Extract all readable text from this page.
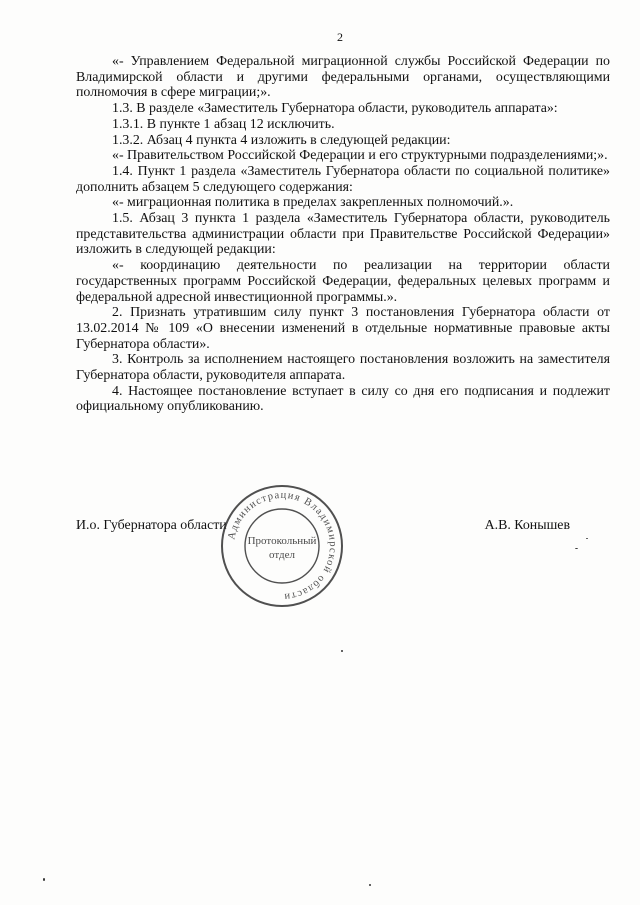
2

«- Управлением Федеральной миграционной службы Российской Федерации по Владимирской области и другими федеральными органами, осуществляющими полномочия в сфере миграции;».

1.3. В разделе «Заместитель Губернатора области, руководитель аппарата»:

1.3.1. В пункте 1 абзац 12 исключить.

1.3.2. Абзац 4 пункта 4 изложить в следующей редакции:

«- Правительством Российской Федерации и его структурными подразделениями;».

1.4. Пункт 1 раздела «Заместитель Губернатора области по социальной политике» дополнить абзацем 5 следующего содержания:

«- миграционная политика в пределах закрепленных полномочий.».

1.5. Абзац 3 пункта 1 раздела «Заместитель Губернатора области, руководитель представительства администрации области при Правительстве Российской Федерации» изложить в следующей редакции:

«- координацию деятельности по реализации на территории области государственных программ Российской Федерации, федеральных целевых программ и федеральной адресной инвестиционной программы.».

2. Признать утратившим силу пункт 3 постановления Губернатора области от 13.02.2014 № 109 «О внесении изменений в отдельные нормативные правовые акты Губернатора области».

3. Контроль за исполнением настоящего постановления возложить на заместителя Губернатора области, руководителя аппарата.

4. Настоящее постановление вступает в силу со дня его подписания и подлежит официальному опубликованию.

И.о. Губернатора области	А.В. Конышев
Администрация Владимирской области
Протокольный
отдел
